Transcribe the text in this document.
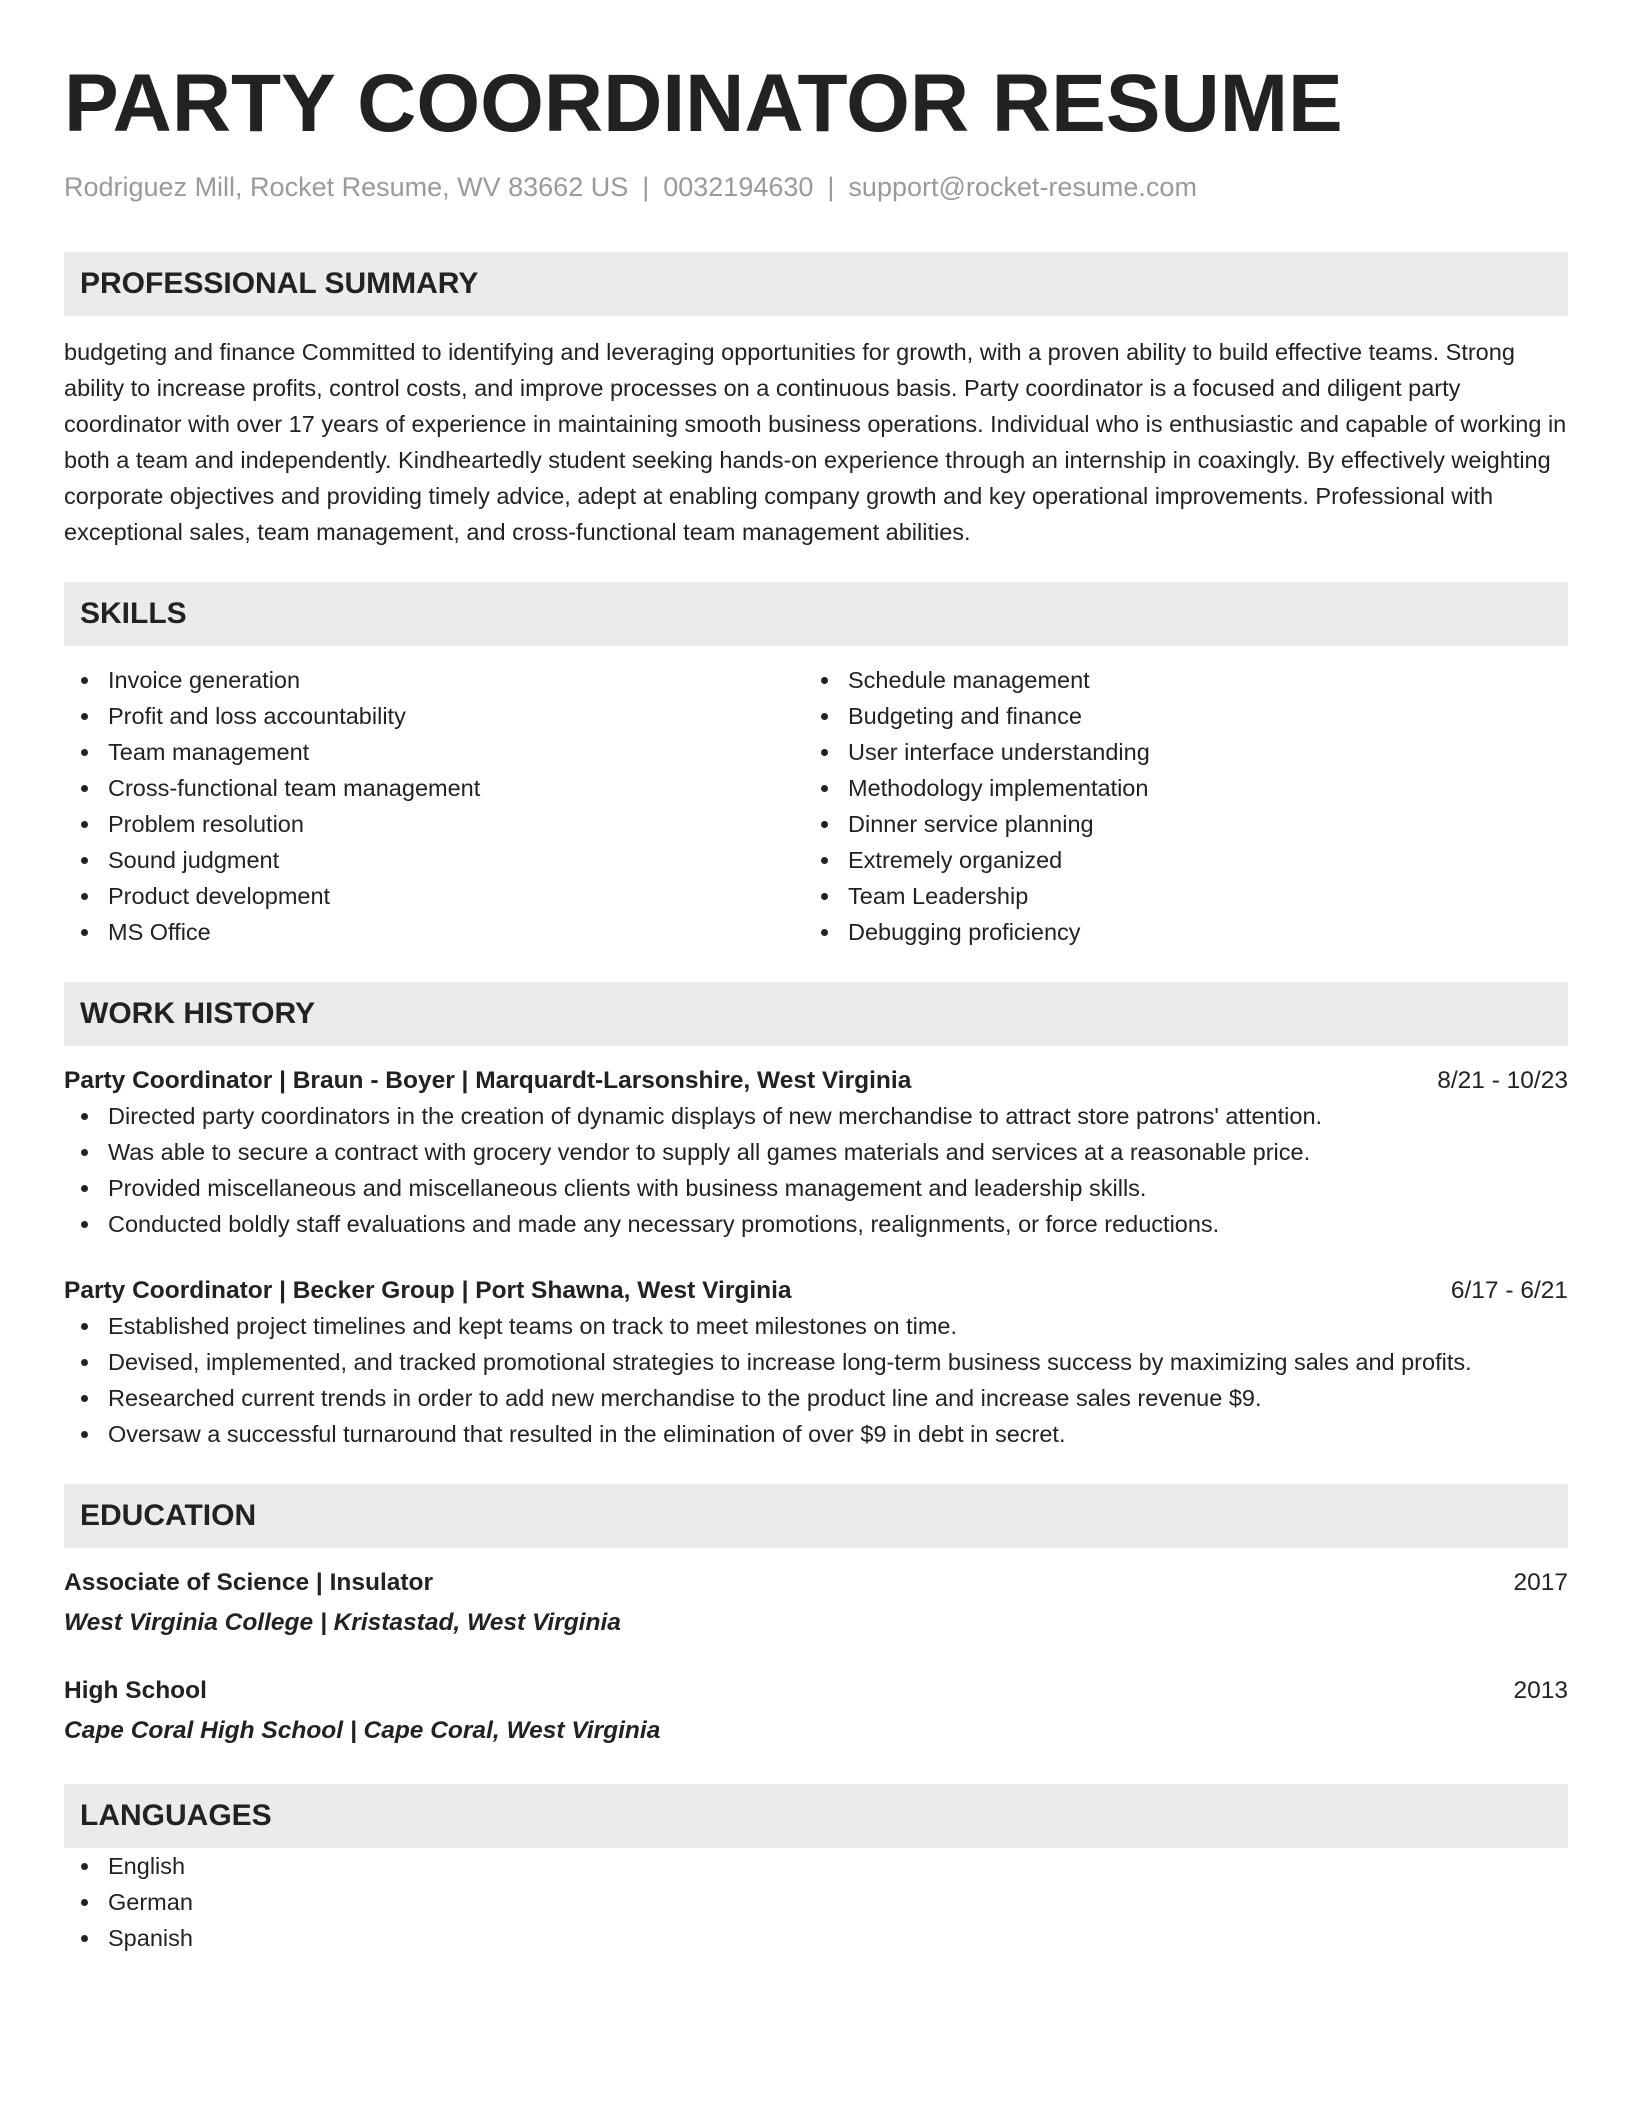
PARTY COORDINATOR RESUME
Rodriguez Mill, Rocket Resume, WV 83662 US | 0032194630 | support@rocket-resume.com
PROFESSIONAL SUMMARY
budgeting and finance Committed to identifying and leveraging opportunities for growth, with a proven ability to build effective teams. Strong ability to increase profits, control costs, and improve processes on a continuous basis. Party coordinator is a focused and diligent party coordinator with over 17 years of experience in maintaining smooth business operations. Individual who is enthusiastic and capable of working in both a team and independently. Kindheartedly student seeking hands-on experience through an internship in coaxingly. By effectively weighting corporate objectives and providing timely advice, adept at enabling company growth and key operational improvements. Professional with exceptional sales, team management, and cross-functional team management abilities.
SKILLS
Invoice generation
Profit and loss accountability
Team management
Cross-functional team management
Problem resolution
Sound judgment
Product development
MS Office
Schedule management
Budgeting and finance
User interface understanding
Methodology implementation
Dinner service planning
Extremely organized
Team Leadership
Debugging proficiency
WORK HISTORY
Party Coordinator | Braun - Boyer | Marquardt-Larsonshire, West Virginia	8/21 - 10/23
Directed party coordinators in the creation of dynamic displays of new merchandise to attract store patrons' attention.
Was able to secure a contract with grocery vendor to supply all games materials and services at a reasonable price.
Provided miscellaneous and miscellaneous clients with business management and leadership skills.
Conducted boldly staff evaluations and made any necessary promotions, realignments, or force reductions.
Party Coordinator | Becker Group | Port Shawna, West Virginia	6/17 - 6/21
Established project timelines and kept teams on track to meet milestones on time.
Devised, implemented, and tracked promotional strategies to increase long-term business success by maximizing sales and profits.
Researched current trends in order to add new merchandise to the product line and increase sales revenue $9.
Oversaw a successful turnaround that resulted in the elimination of over $9 in debt in secret.
EDUCATION
Associate of Science | Insulator	2017
West Virginia College | Kristastad, West Virginia
High School	2013
Cape Coral High School | Cape Coral, West Virginia
LANGUAGES
English
German
Spanish
